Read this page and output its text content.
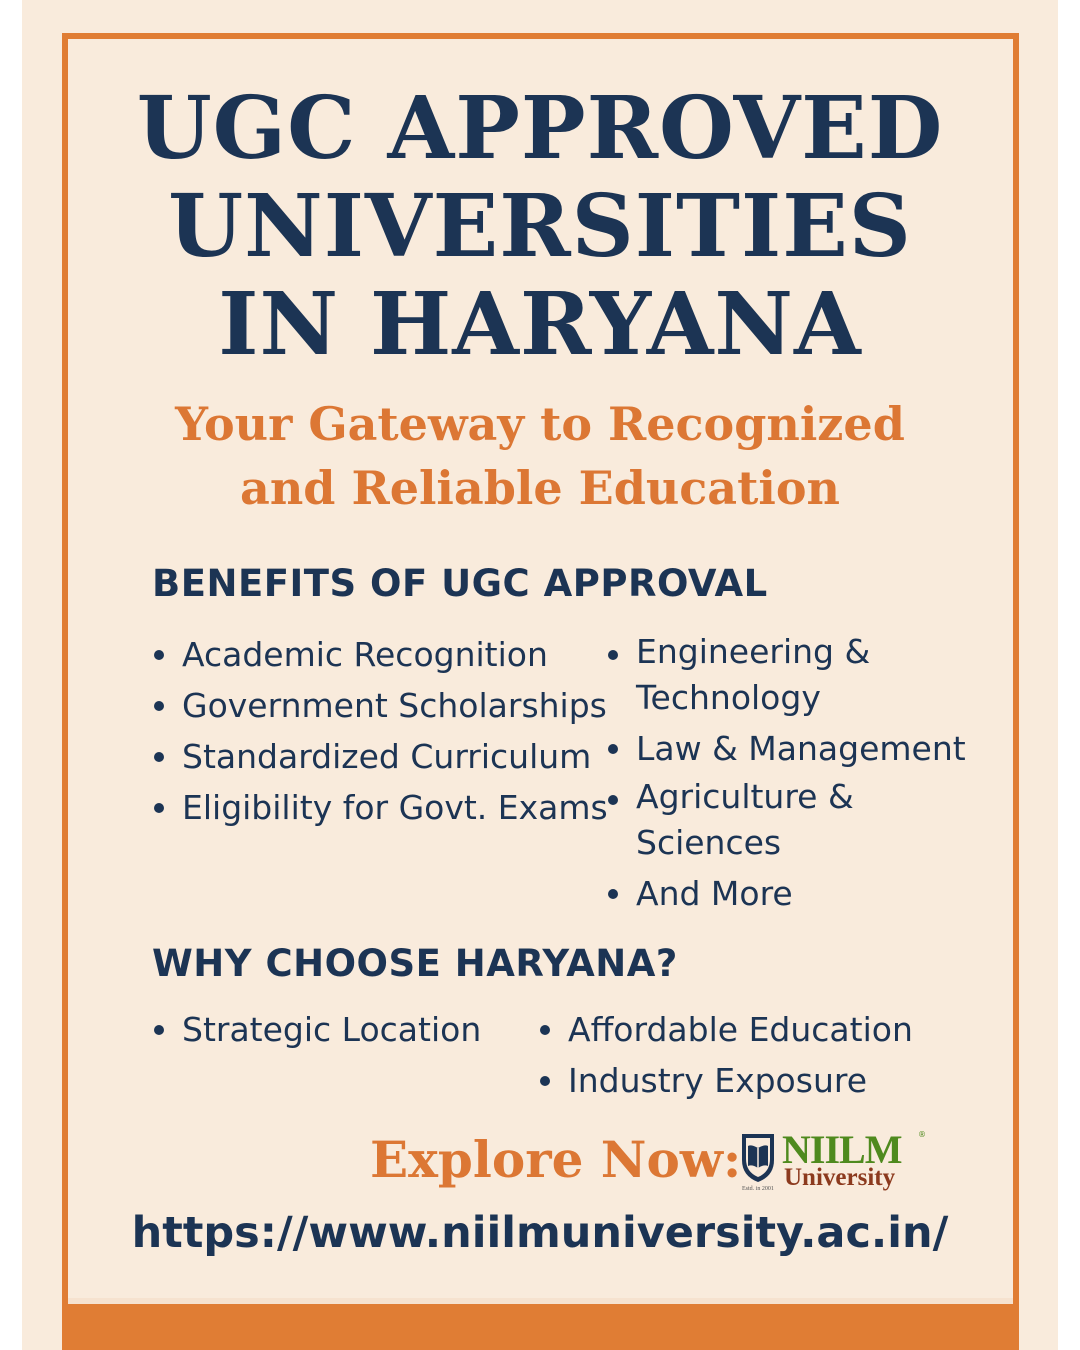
UGC APPROVED
UNIVERSITIES
IN HARYANA
Your Gateway to Recognized
and Reliable Education
BENEFITS OF UGC APPROVAL
Academic Recognition
Government Scholarships
Standardized Curriculum
Eligibility for Govt. Exams
Engineering &
Technology
Law & Management
Agriculture &
Sciences
And More
WHY CHOOSE HARYANA?
Strategic Location	Affordable Education
Industry Exposure
Explore Now: NIILM ®
University
Estd. in 2001
https://www.niilmuniversity.ac.in/
